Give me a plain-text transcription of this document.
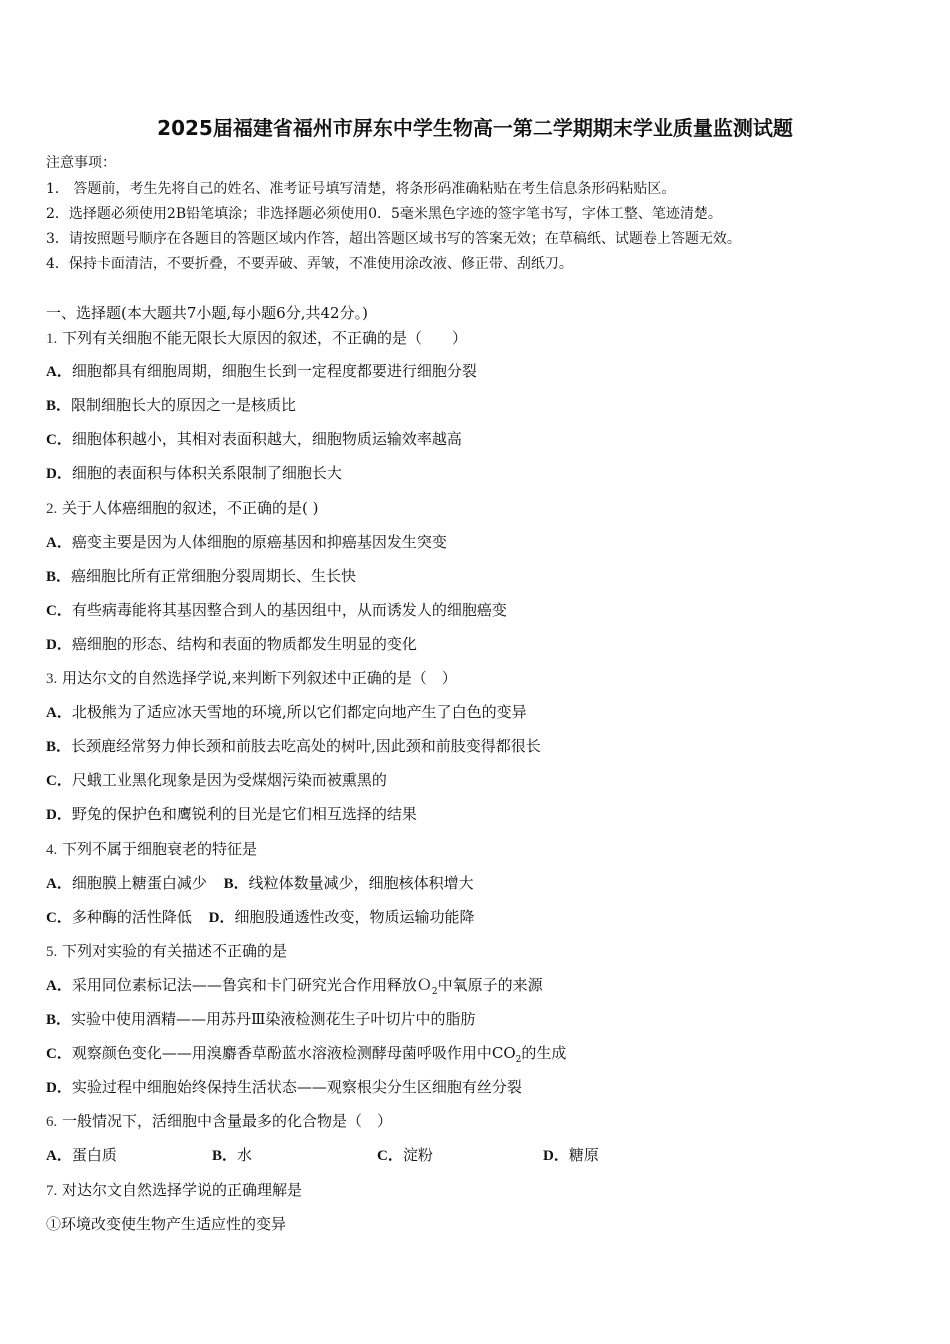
2025届福建省福州市屏东中学生物高一第二学期期末学业质量监测试题
注意事项：
1． 答题前，考生先将自己的姓名、准考证号填写清楚，将条形码准确粘贴在考生信息条形码粘贴区。
2．选择题必须使用2B铅笔填涂；非选择题必须使用0．5毫米黑色字迹的签字笔书写，字体工整、笔迹清楚。
3．请按照题号顺序在各题目的答题区域内作答，超出答题区域书写的答案无效；在草稿纸、试题卷上答题无效。
4．保持卡面清洁，不要折叠，不要弄破、弄皱，不准使用涂改液、修正带、刮纸刀。
一、选择题(本大题共7小题,每小题6分,共42分。)
1. 下列有关细胞不能无限长大原因的叙述，不正确的是（　　）
A．细胞都具有细胞周期，细胞生长到一定程度都要进行细胞分裂
B．限制细胞长大的原因之一是核质比
C．细胞体积越小，其相对表面积越大，细胞物质运输效率越高
D．细胞的表面积与体积关系限制了细胞长大
2. 关于人体癌细胞的叙述，不正确的是( )
A．癌变主要是因为人体细胞的原癌基因和抑癌基因发生突变
B．癌细胞比所有正常细胞分裂周期长、生长快
C．有些病毒能将其基因整合到人的基因组中，从而诱发人的细胞癌变
D．癌细胞的形态、结构和表面的物质都发生明显的变化
3. 用达尔文的自然选择学说,来判断下列叙述中正确的是（　）
A．北极熊为了适应冰天雪地的环境,所以它们都定向地产生了白色的变异
B．长颈鹿经常努力伸长颈和前肢去吃高处的树叶,因此颈和前肢变得都很长
C．尺蛾工业黑化现象是因为受煤烟污染而被熏黑的
D．野兔的保护色和鹰锐利的目光是它们相互选择的结果
4. 下列不属于细胞衰老的特征是
A．细胞膜上糖蛋白减少 B．线粒体数量减少，细胞核体积增大
C．多种酶的活性降低 D．细胞股通透性改变，物质运输功能降
5. 下列对实验的有关描述不正确的是
A．采用同位素标记法——鲁宾和卡门研究光合作用释放Ｏ$_2$中氧原子的来源
B．实验中使用酒精——用苏丹Ⅲ染液检测花生子叶切片中的脂肪
C．观察颜色变化——用溴麝香草酚蓝水溶液检测酵母菌呼吸作用中$CO_2$的生成
D．实验过程中细胞始终保持生活状态——观察根尖分生区细胞有丝分裂
6. 一般情况下，活细胞中含量最多的化合物是（　）
A．蛋白质	B．水	C．淀粉	D．糖原
7. 对达尔文自然选择学说的正确理解是
①环境改变使生物产生适应性的变异
